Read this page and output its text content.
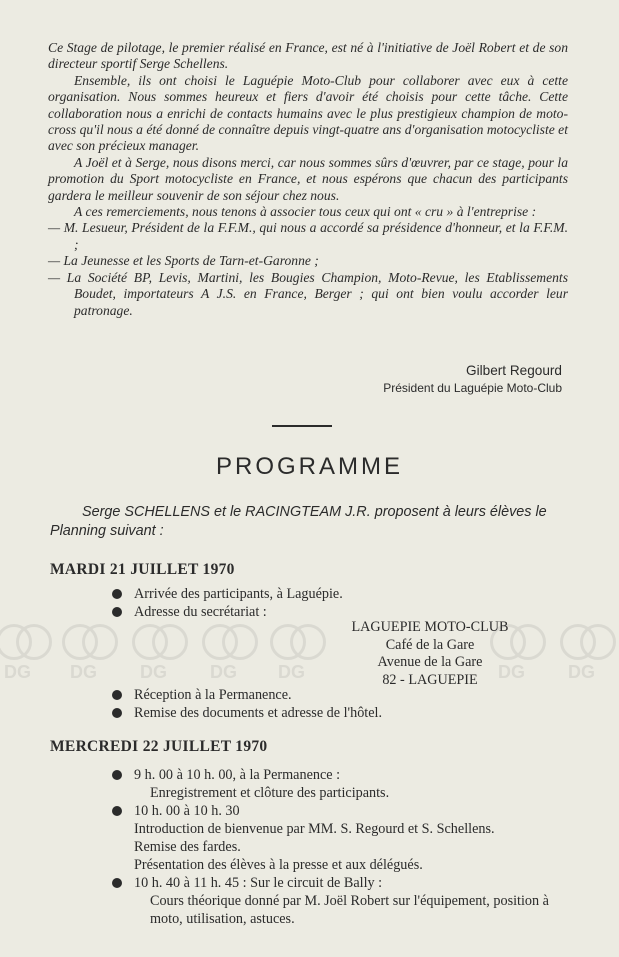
Ce Stage de pilotage, le premier réalisé en France, est né à l'initiative de Joël Robert et de son directeur sportif Serge Schellens.

Ensemble, ils ont choisi le Laguépie Moto-Club pour collaborer avec eux à cette organisation. Nous sommes heureux et fiers d'avoir été choisis pour cette tâche. Cette collaboration nous a enrichi de contacts humains avec le plus prestigieux champion de moto-cross qu'il nous a été donné de connaître depuis vingt-quatre ans d'organisation motocycliste et avec son précieux manager.

A Joël et à Serge, nous disons merci, car nous sommes sûrs d'œuvrer, par ce stage, pour la promotion du Sport motocycliste en France, et nous espérons que chacun des participants gardera le meilleur souvenir de son séjour chez nous.

A ces remerciements, nous tenons à associer tous ceux qui ont « cru » à l'entreprise :

— M. Lesueur, Président de la F.F.M., qui nous a accordé sa présidence d'honneur, et la F.F.M. ;

— La Jeunesse et les Sports de Tarn-et-Garonne ;

— La Société BP, Levis, Martini, les Bougies Champion, Moto-Revue, les Etablissements Boudet, importateurs A J.S. en France, Berger ; qui ont bien voulu accorder leur patronage.

Gilbert Regourd
Président du Laguépie Moto-Club
PROGRAMME
Serge SCHELLENS et le RACINGTEAM J.R. proposent à leurs élèves le Planning suivant :
MARDI 21 JUILLET 1970
Arrivée des participants, à Laguépie.
Adresse du secrétariat :
DG DG DG DG DG	DG DG
LAGUEPIE MOTO-CLUB
Café de la Gare
Avenue de la Gare
82 - LAGUEPIE
Réception à la Permanence.
Remise des documents et adresse de l'hôtel.
MERCREDI 22 JUILLET 1970
9 h. 00 à 10 h. 00, à la Permanence :
Enregistrement et clôture des participants.
10 h. 00 à 10 h. 30
Introduction de bienvenue par MM. S. Regourd et S. Schellens.
Remise des fardes.
Présentation des élèves à la presse et aux délégués.
10 h. 40 à 11 h. 45 : Sur le circuit de Bally :
Cours théorique donné par M. Joël Robert sur l'équipement, position à moto, utilisation, astuces.
